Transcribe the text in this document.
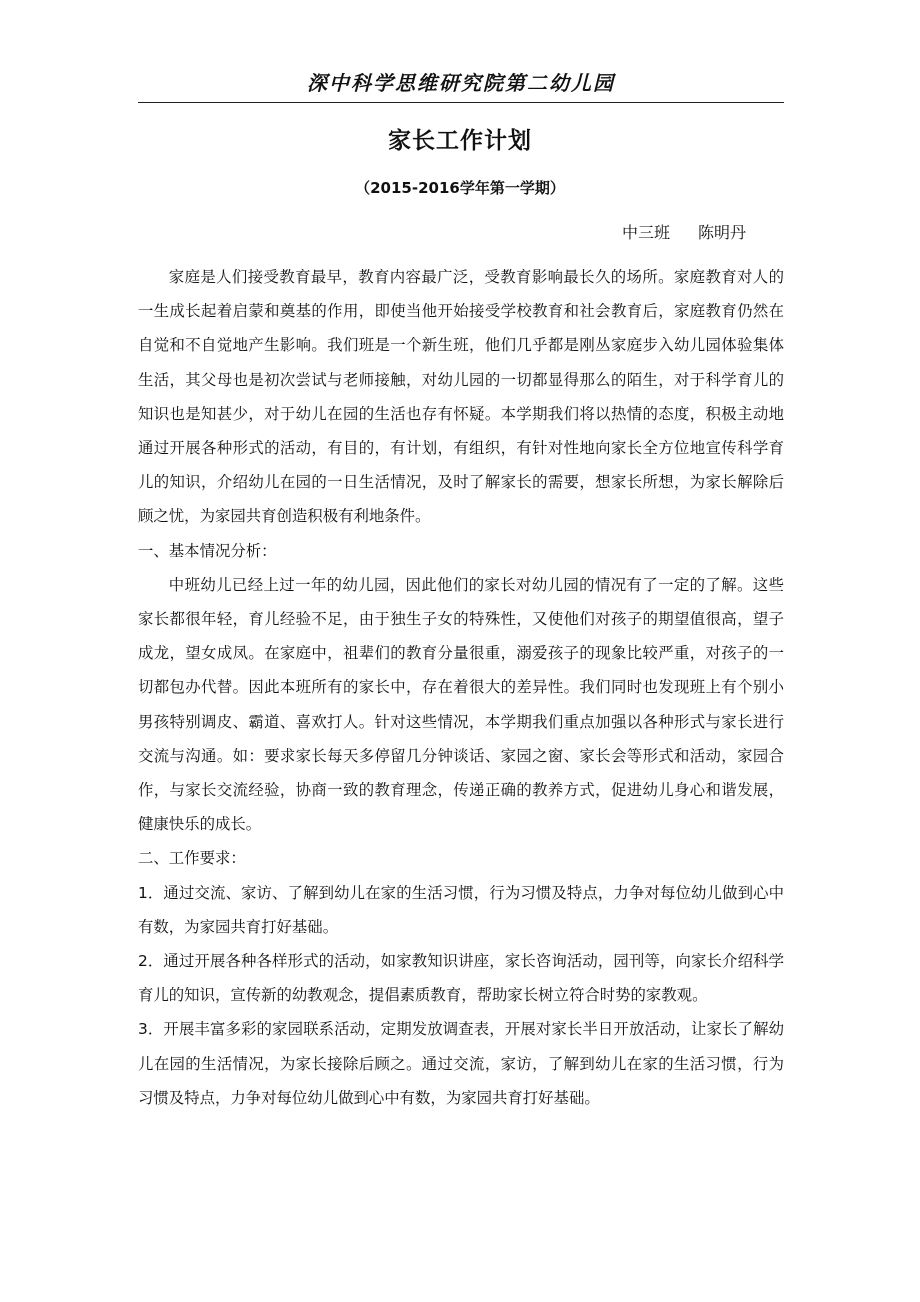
深中科学思维研究院第二幼儿园
家长工作计划
（2015-2016学年第一学期）
中三班 陈明丹

家庭是人们接受教育最早，教育内容最广泛，受教育影响最长久的场所。家庭教育对人的一生成长起着启蒙和奠基的作用，即使当他开始接受学校教育和社会教育后，家庭教育仍然在自觉和不自觉地产生影响。我们班是一个新生班，他们几乎都是刚丛家庭步入幼儿园体验集体生活，其父母也是初次尝试与老师接触，对幼儿园的一切都显得那么的陌生，对于科学育儿的知识也是知甚少，对于幼儿在园的生活也存有怀疑。本学期我们将以热情的态度，积极主动地通过开展各种形式的活动，有目的，有计划，有组织，有针对性地向家长全方位地宣传科学育儿的知识，介绍幼儿在园的一日生活情况，及时了解家长的需要，想家长所想，为家长解除后顾之忧，为家园共育创造积极有利地条件。

一、基本情况分析：

中班幼儿已经上过一年的幼儿园，因此他们的家长对幼儿园的情况有了一定的了解。这些家长都很年轻，育儿经验不足，由于独生子女的特殊性，又使他们对孩子的期望值很高，望子成龙，望女成凤。在家庭中，祖辈们的教育分量很重，溺爱孩子的现象比较严重，对孩子的一切都包办代替。因此本班所有的家长中，存在着很大的差异性。我们同时也发现班上有个别小男孩特别调皮、霸道、喜欢打人。针对这些情况，本学期我们重点加强以各种形式与家长进行交流与沟通。如：要求家长每天多停留几分钟谈话、家园之窗、家长会等形式和活动，家园合作，与家长交流经验，协商一致的教育理念，传递正确的教养方式，促进幼儿身心和谐发展，健康快乐的成长。

二、工作要求：

1．通过交流、家访、了解到幼儿在家的生活习惯，行为习惯及特点，力争对每位幼儿做到心中有数，为家园共育打好基础。

2．通过开展各种各样形式的活动，如家教知识讲座，家长咨询活动，园刊等，向家长介绍科学育儿的知识，宣传新的幼教观念，提倡素质教育，帮助家长树立符合时势的家教观。

3．开展丰富多彩的家园联系活动，定期发放调查表，开展对家长半日开放活动，让家长了解幼儿在园的生活情况，为家长接除后顾之。通过交流，家访，了解到幼儿在家的生活习惯，行为习惯及特点，力争对每位幼儿做到心中有数，为家园共育打好基础。
